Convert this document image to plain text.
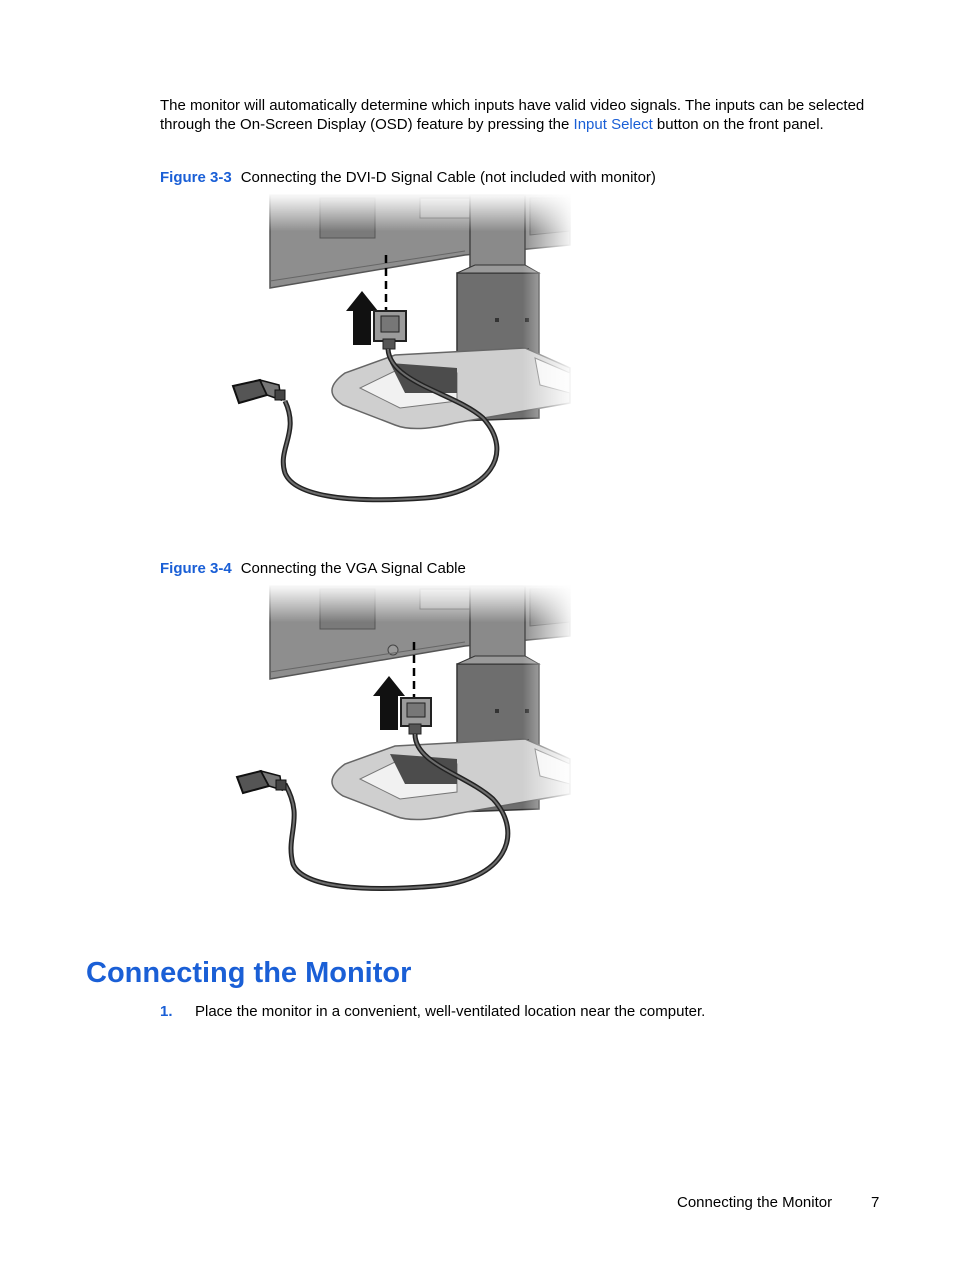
The monitor will automatically determine which inputs have valid video signals. The inputs can be selected through the On-Screen Display (OSD) feature by pressing the Input Select button on the front panel.

Figure 3-3 Connecting the DVI-D Signal Cable (not included with monitor)

Figure 3-4 Connecting the VGA Signal Cable

Connecting the Monitor
1. Place the monitor in a convenient, well-ventilated location near the computer.
Connecting the Monitor	7
